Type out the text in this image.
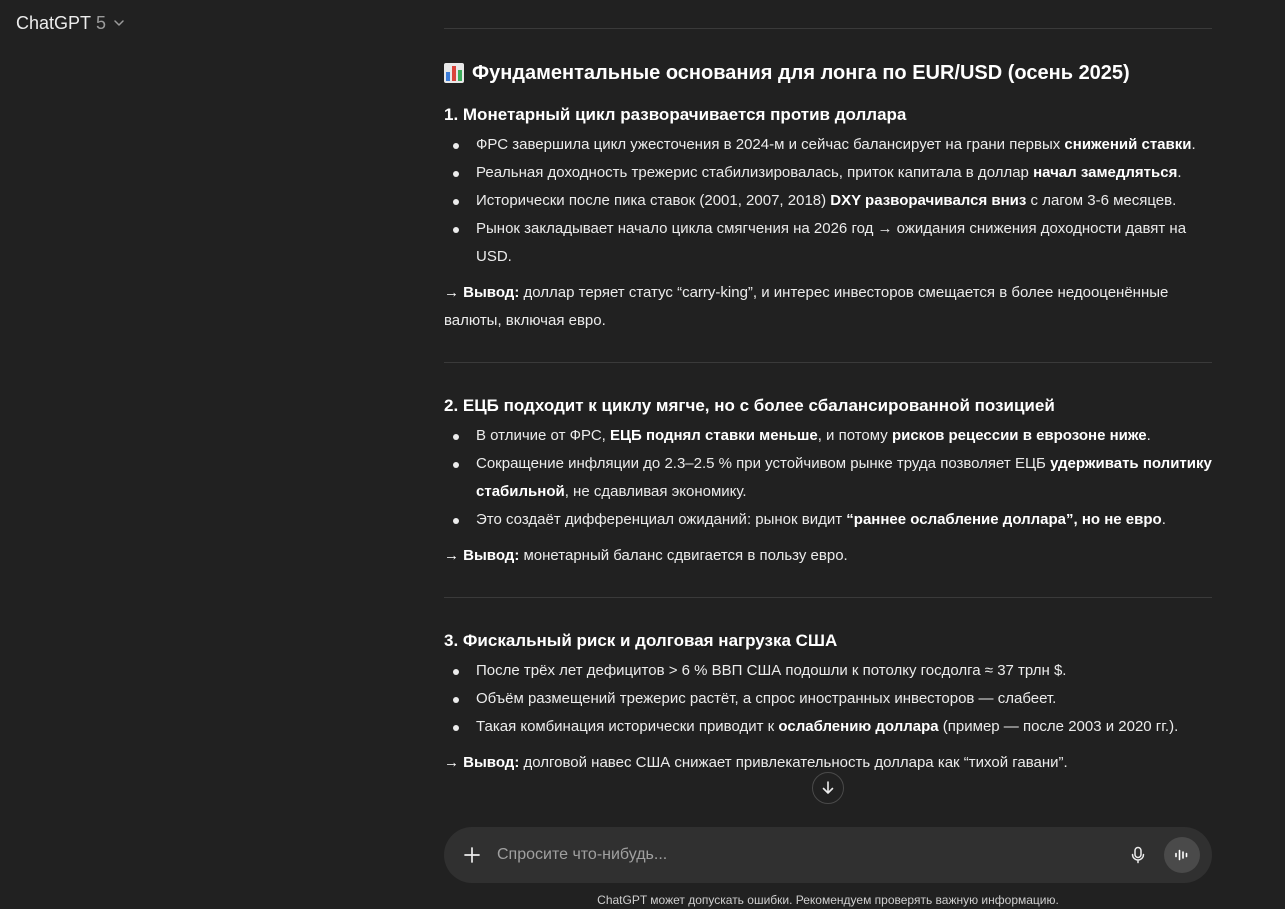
ChatGPT 5
Фундаментальные основания для лонга по EUR/USD (осень 2025)
1. Монетарный цикл разворачивается против доллара
ФРС завершила цикл ужесточения в 2024-м и сейчас балансирует на грани первых снижений ставки.
Реальная доходность трежерис стабилизировалась, приток капитала в доллар начал замедляться.
Исторически после пика ставок (2001, 2007, 2018) DXY разворачивался вниз с лагом 3-6 месяцев.
Рынок закладывает начало цикла смягчения на 2026 год → ожидания снижения доходности давят на USD.

→ Вывод: доллар теряет статус “carry-king”, и интерес инвесторов смещается в более недооценённые валюты, включая евро.

2. ЕЦБ подходит к циклу мягче, но с более сбалансированной позицией
В отличие от ФРС, ЕЦБ поднял ставки меньше, и потому рисков рецессии в еврозоне ниже.
Сокращение инфляции до 2.3–2.5 % при устойчивом рынке труда позволяет ЕЦБ удерживать политику стабильной, не сдавливая экономику.
Это создаёт дифференциал ожиданий: рынок видит “раннее ослабление доллара”, но не евро.

→ Вывод: монетарный баланс сдвигается в пользу евро.

3. Фискальный риск и долговая нагрузка США
После трёх лет дефицитов > 6 % ВВП США подошли к потолку госдолга ≈ 37 трлн $.
Объём размещений трежерис растёт, а спрос иностранных инвесторов — слабеет.
Такая комбинация исторически приводит к ослаблению доллара (пример — после 2003 и 2020 гг.).

→ Вывод: долговой навес США снижает привлекательность доллара как “тихой гавани”.

Спросите что-нибудь...
ChatGPT может допускать ошибки. Рекомендуем проверять важную информацию.
